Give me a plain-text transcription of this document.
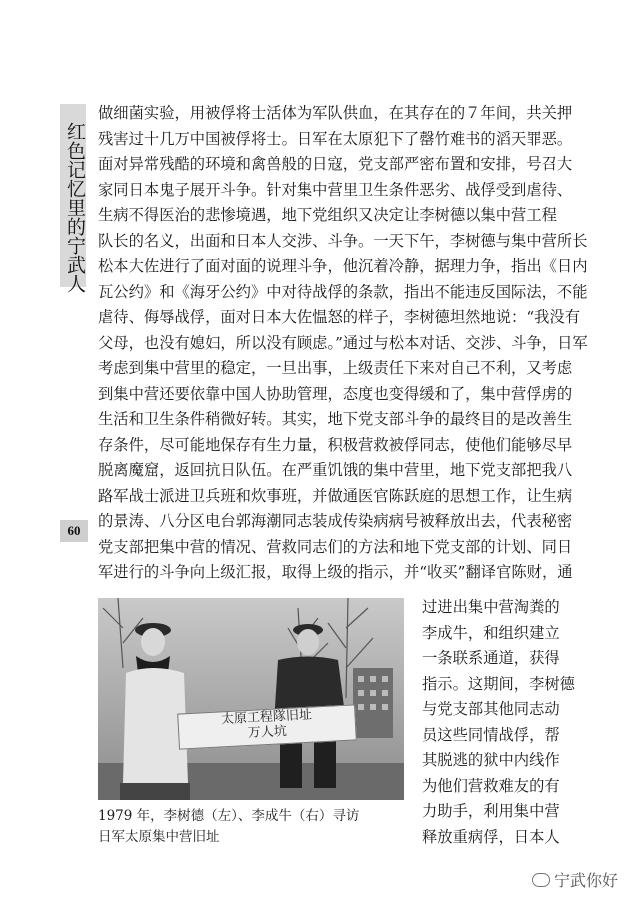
红色记忆里的宁武人
60
做细菌实验，用被俘将士活体为军队供血，在其存在的７年间，共关押
残害过十几万中国被俘将士。日军在太原犯下了罄竹难书的滔天罪恶。
面对异常残酷的环境和禽兽般的日寇，党支部严密布置和安排，号召大
家同日本鬼子展开斗争。针对集中营里卫生条件恶劣、战俘受到虐待、
生病不得医治的悲惨境遇，地下党组织又决定让李树德以集中营工程
队长的名义，出面和日本人交涉、斗争。一天下午，李树德与集中营所长
松本大佐进行了面对面的说理斗争，他沉着冷静，据理力争，指出《日内
瓦公约》和《海牙公约》中对待战俘的条款，指出不能违反国际法，不能
虐待、侮辱战俘，面对日本大佐愠怒的样子，李树德坦然地说：“我没有
父母，也没有媳妇，所以没有顾虑。”通过与松本对话、交涉、斗争，日军
考虑到集中营里的稳定，一旦出事，上级责任下来对自己不利，又考虑
到集中营还要依靠中国人协助管理，态度也变得缓和了，集中营俘虏的
生活和卫生条件稍微好转。其实，地下党支部斗争的最终目的是改善生
存条件，尽可能地保存有生力量，积极营救被俘同志，使他们能够尽早
脱离魔窟，返回抗日队伍。在严重饥饿的集中营里，地下党支部把我八
路军战士派进卫兵班和炊事班，并做通医官陈跃庭的思想工作，让生病
的景涛、八分区电台郭海潮同志装成传染病病号被释放出去，代表秘密
党支部把集中营的情况、营救同志们的方法和地下党支部的计划、同日
军进行的斗争向上级汇报，取得上级的指示，并“收买”翻译官陈财，通
太原工程隊旧址
万人坑
1979 年，李树德（左）、李成牛（右）寻访
日军太原集中营旧址
过进出集中营淘粪的
李成牛，和组织建立
一条联系通道，获得
指示。这期间，李树德
与党支部其他同志动
员这些同情战俘，帮
其脱逃的狱中内线作
为他们营救难友的有
力助手，利用集中营
释放重病俘，日本人
宁武你好
